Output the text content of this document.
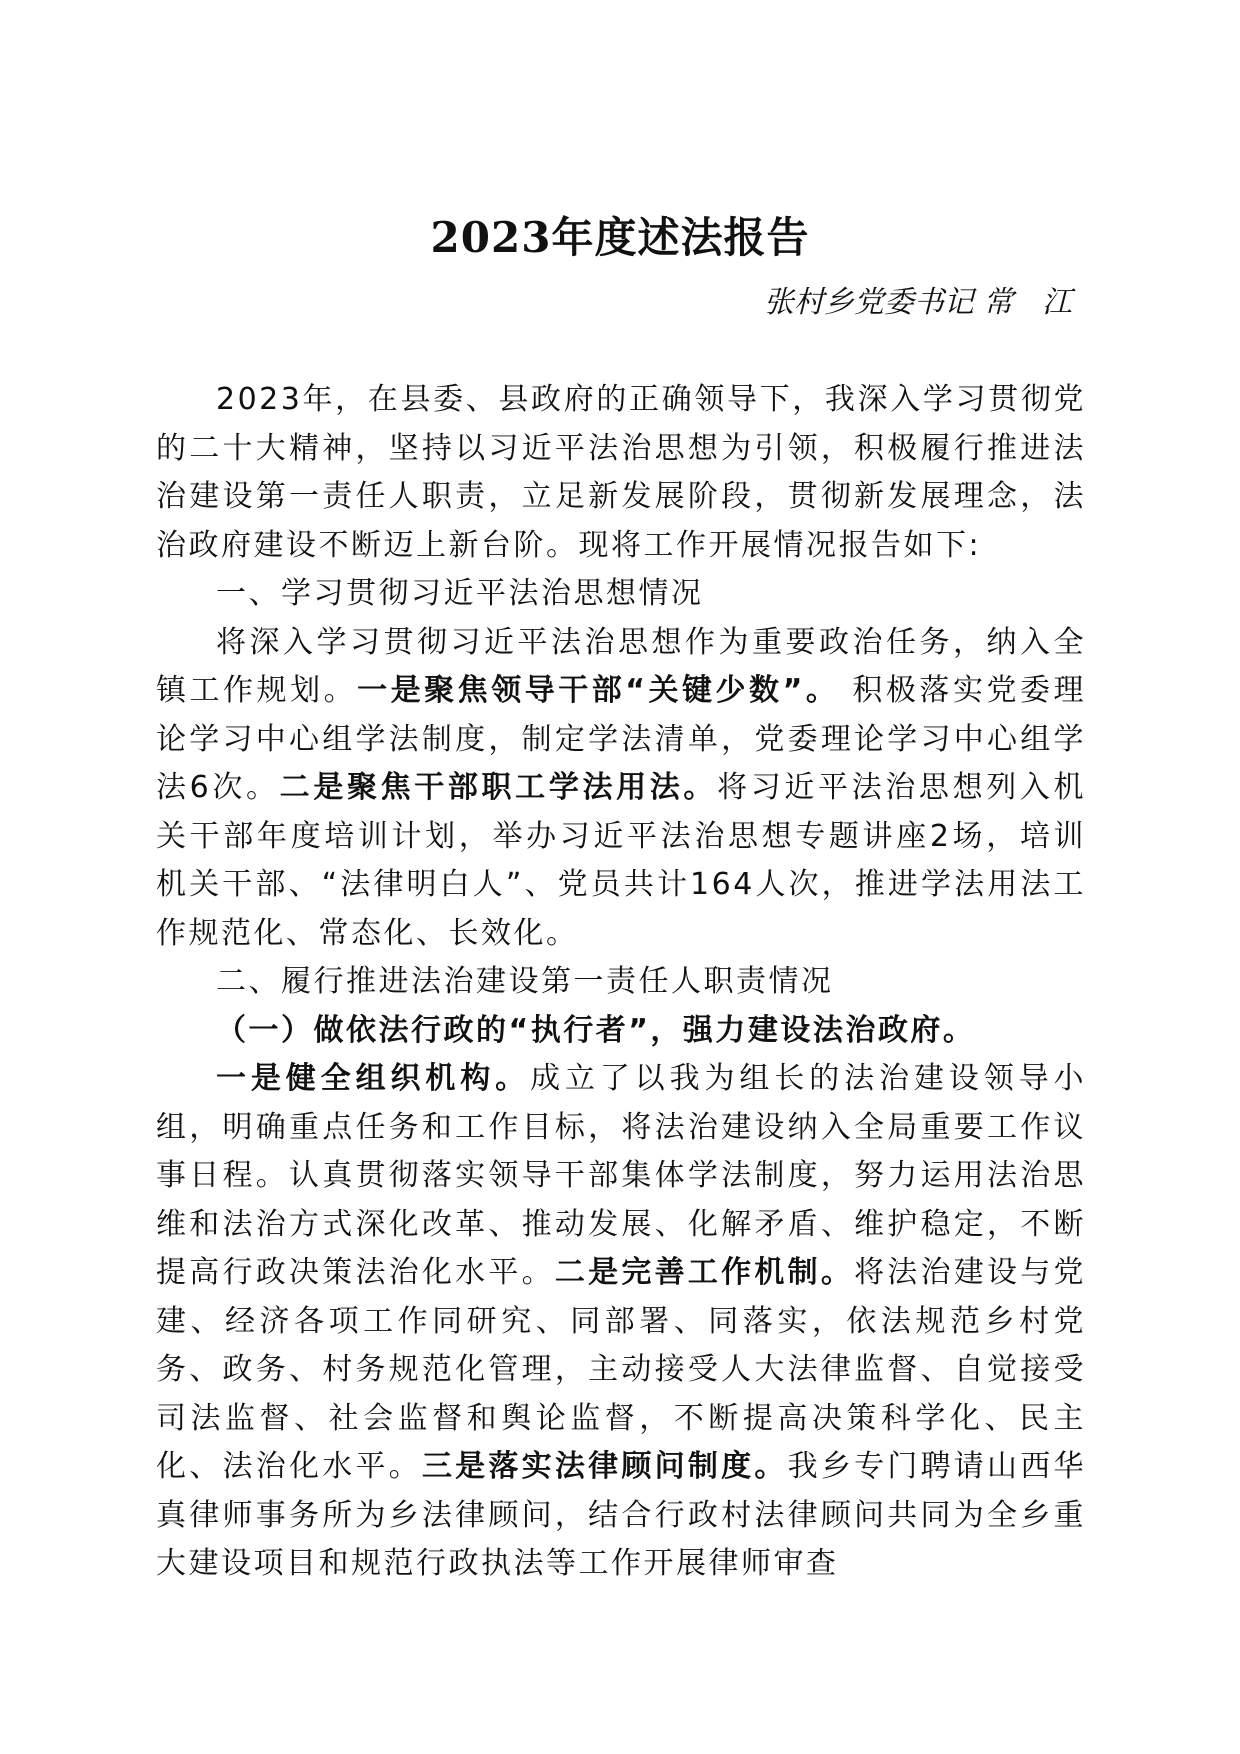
2023年度述法报告
张村乡党委书记 常   江

2023年，在县委、县政府的正确领导下，我深入学习贯彻党的二十大精神，坚持以习近平法治思想为引领，积极履行推进法治建设第一责任人职责，立足新发展阶段，贯彻新发展理念，法治政府建设不断迈上新台阶。现将工作开展情况报告如下:

一、学习贯彻习近平法治思想情况

将深入学习贯彻习近平法治思想作为重要政治任务，纳入全镇工作规划。一是聚焦领导干部“关键少数”。 积极落实党委理论学习中心组学法制度，制定学法清单，党委理论学习中心组学法6次。二是聚焦干部职工学法用法。将习近平法治思想列入机关干部年度培训计划，举办习近平法治思想专题讲座2场，培训机关干部、“法律明白人”、党员共计164人次，推进学法用法工作规范化、常态化、长效化。

二、履行推进法治建设第一责任人职责情况

（一）做依法行政的“执行者”，强力建设法治政府。

一是健全组织机构。成立了以我为组长的法治建设领导小组，明确重点任务和工作目标，将法治建设纳入全局重要工作议事日程。认真贯彻落实领导干部集体学法制度，努力运用法治思维和法治方式深化改革、推动发展、化解矛盾、维护稳定，不断提高行政决策法治化水平。二是完善工作机制。将法治建设与党建、经济各项工作同研究、同部署、同落实，依法规范乡村党务、政务、村务规范化管理，主动接受人大法律监督、自觉接受司法监督、社会监督和舆论监督，不断提高决策科学化、民主化、法治化水平。三是落实法律顾问制度。我乡专门聘请山西华真律师事务所为乡法律顾问，结合行政村法律顾问共同为全乡重大建设项目和规范行政执法等工作开展律师审查
